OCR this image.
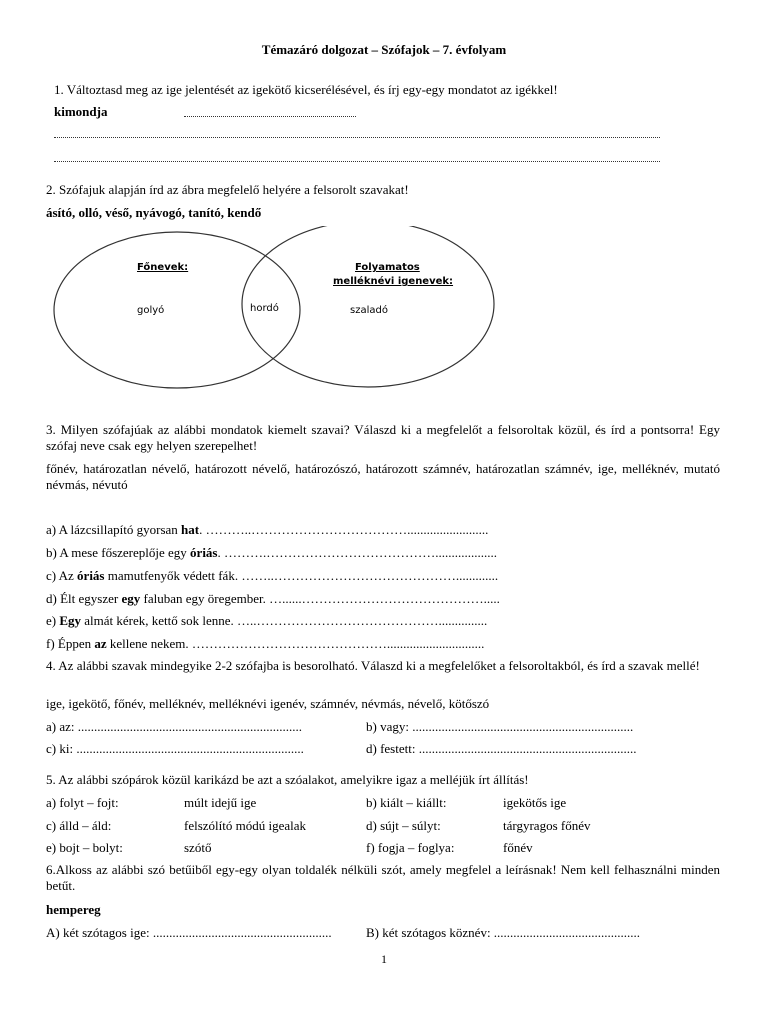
Témazáró dolgozat – Szófajok – 7. évfolyam
1. Változtasd meg az ige jelentését az igekötő kicserélésével, és írj egy-egy mondatot az igékkel!
kimondja
2. Szófajuk alapján írd az ábra megfelelő helyére a felsorolt szavakat!
ásító, olló, véső, nyávogó, tanító, kendő
Főnevek:	Folyamatos
melléknévi igenevek:
golyó	hordó	szaladó
3. Milyen szófajúak az alábbi mondatok kiemelt szavai? Válaszd ki a megfelelőt a felsoroltak közül, és írd a pontsorra! Egy szófaj neve csak egy helyen szerepelhet!
főnév, határozatlan névelő, határozott névelő, határozószó, határozott számnév, határozatlan számnév, ige, melléknév, mutató névmás, névutó
a) A lázcsillapító gyorsan hat. ………..……………………………….........................
b) A mese főszereplője egy óriás. ……….…………………………………...................
c) Az óriás mamutfenyők védett fák. ……..…………………………………….............
d) Élt egyszer egy faluban egy öregember. …......…………………………………….....
e) Egy almát kérek, kettő sok lenne. …..……………………………………...............
f) Éppen az kellene nekem. ………………………………………..............................
4. Az alábbi szavak mindegyike 2-2 szófajba is besorolható. Válaszd ki a megfelelőket a felsoroltakból, és írd a szavak mellé!
ige, igekötő, főnév, melléknév, melléknévi igenév, számnév, névmás, névelő, kötőszó
a) az: .....................................................................	b) vagy: ....................................................................
c) ki: ......................................................................	d) festett: ...................................................................
5. Az alábbi szópárok közül karikázd be azt a szóalakot, amelyikre igaz a melléjük írt állítás!
a) folyt – fojt:	múlt idejű ige	b) kiált – kiállt:	igekötős ige
c) álld – áld:	felszólító módú igealak	d) sújt – súlyt:	tárgyragos főnév
e) bojt – bolyt:	szótő	f) fogja – foglya:	főnév
6.Alkoss az alábbi szó betűiből egy-egy olyan toldalék nélküli szót, amely megfelel a leírásnak! Nem kell felhasználni minden betűt.
hempereg
A) két szótagos ige: .......................................................	B) két szótagos köznév: .............................................
1
